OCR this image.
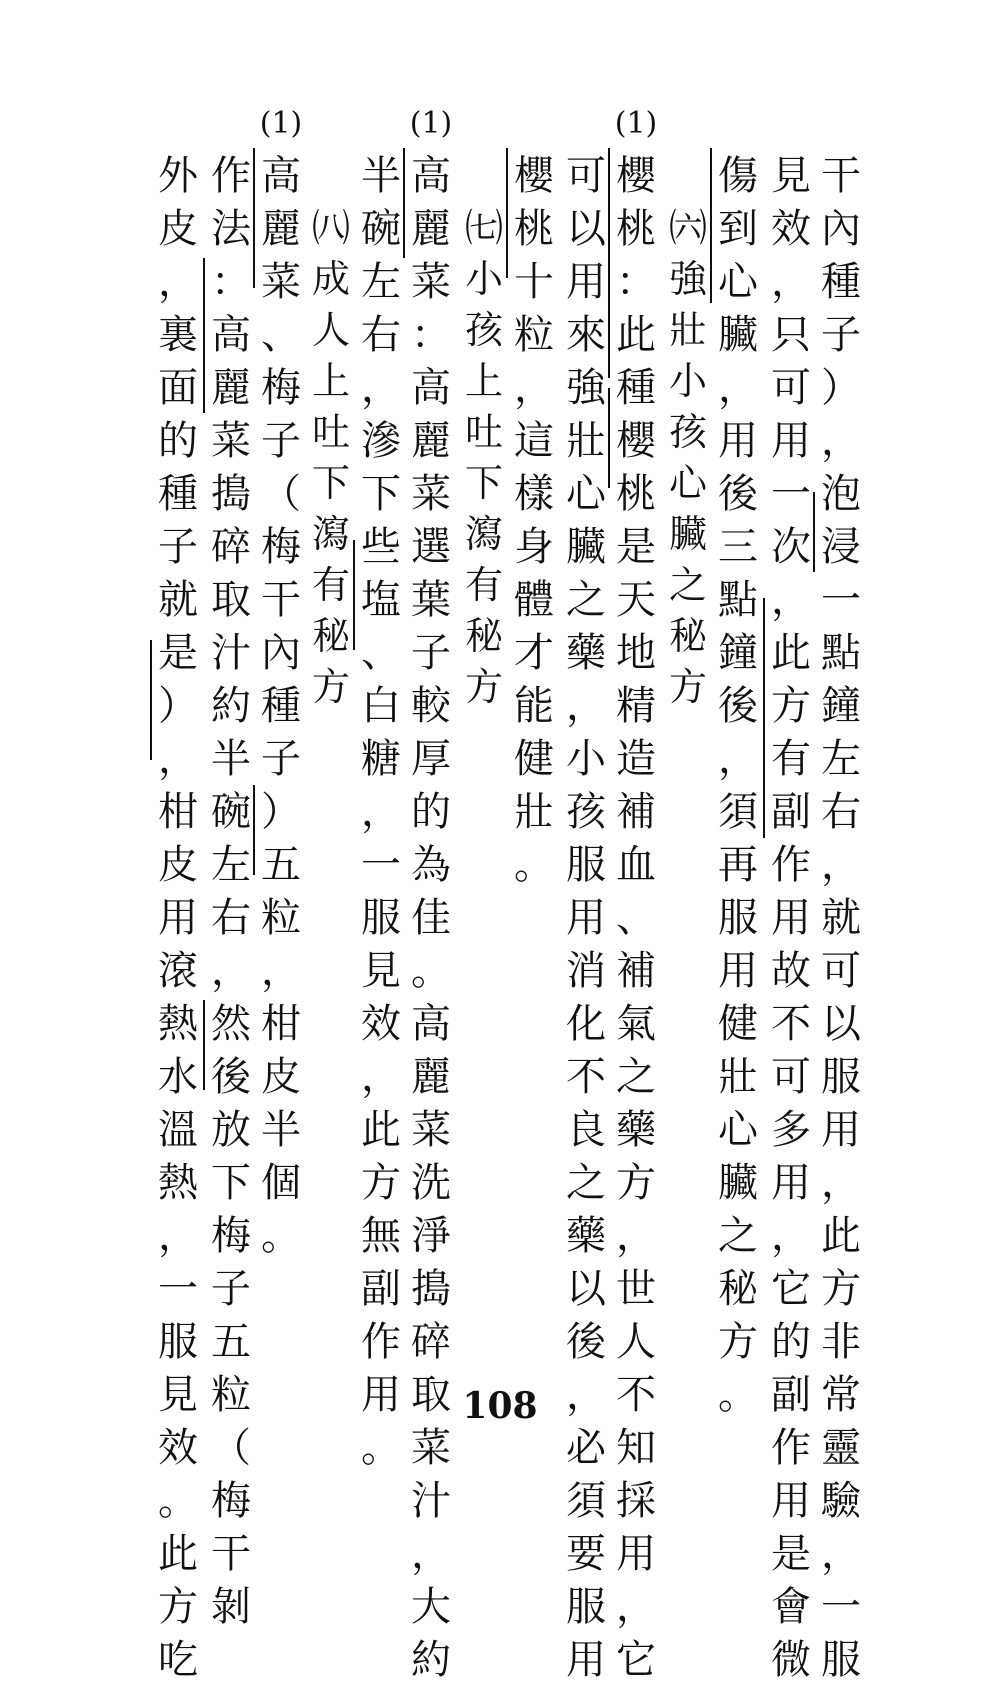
干
內
種
子
）
，
泡
浸
一
點
鐘
左
右
，
就
可
以
服
用
，
此
方
非
常
靈
驗
，
一
服
見
效
，
只
可
用
一
次
，
此
方
有
副
作
用
故
不
可
多
用
，
它
的
副
作
用
是
會
微
傷
到
心
臟
，
用
後
三
點
鐘
後
，
須
再
服
用
健
壯
心
臟
之
秘
方
。
㈥
強
壯
小
孩
心
臟
之
秘
方
櫻
桃
：
此
種
櫻
桃
是
天
地
精
造
補
血
、
補
氣
之
藥
方
，
世
人
不
知
採
用
，
它
(1)
可
以
用
來
強
壯
心
臟
之
藥
，
小
孩
服
用
消
化
不
良
之
藥
以
後
，
必
須
要
服
用
櫻
桃
十
粒
，
這
樣
身
體
才
能
健
壯
。
㈦
小
孩
上
吐
下
瀉
有
秘
方
高
麗
菜
：
高
麗
菜
選
葉
子
較
厚
的
為
佳
。
高
麗
菜
洗
淨
搗
碎
取
菜
汁
，
大
約
(1)
半
碗
左
右
，
滲
下
些
塩
、
白
糖
，
一
服
見
效
，
此
方
無
副
作
用
。
㈧
成
人
上
吐
下
瀉
有
秘
方
高
麗
菜
、
梅
子
（
梅
干
內
種
子
）
五
粒
，
柑
皮
半
個
。
(1)
作
法
：
高
麗
菜
搗
碎
取
汁
約
半
碗
左
右
，
然
後
放
下
梅
子
五
粒
（
梅
干
剝
外
皮
，
裏
面
的
種
子
就
是
）
，
柑
皮
用
滾
熱
水
溫
熱
，
一
服
見
效
。
此
方
吃
108
